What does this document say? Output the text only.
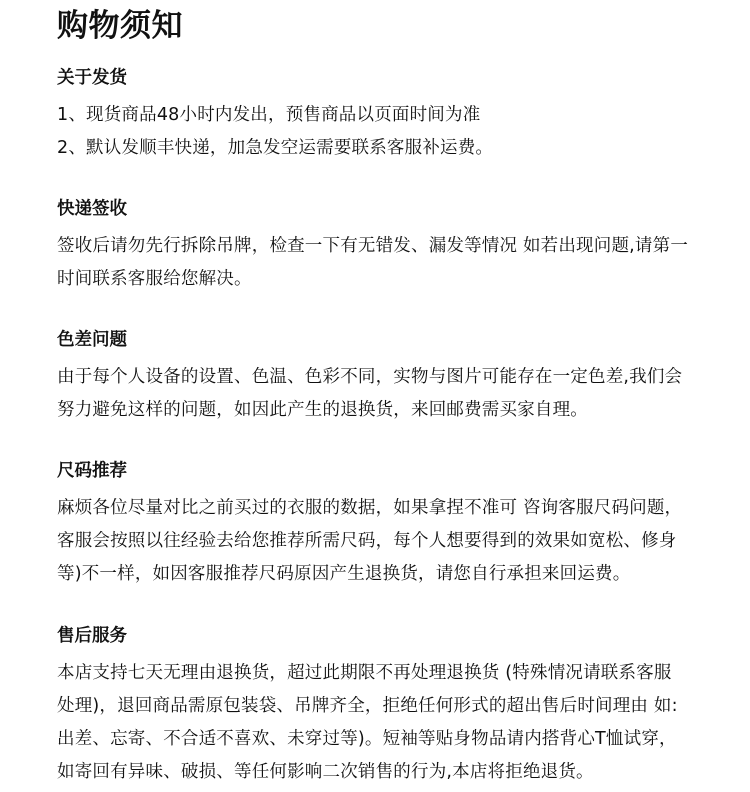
购物须知
关于发货
1、现货商品48小时内发出，预售商品以页面时间为准
2、默认发顺丰快递，加急发空运需要联系客服补运费。
快递签收
签收后请勿先行拆除吊牌，检查一下有无错发、漏发等情况 如若出现问题,请第一
时间联系客服给您解决。
色差问题
由于每个人设备的设置、色温、色彩不同，实物与图片可能存在一定色差,我们会
努力避免这样的问题，如因此产生的退换货，来回邮费需买家自理。
尺码推荐
麻烦各位尽量对比之前买过的衣服的数据，如果拿捏不准可 咨询客服尺码问题，
客服会按照以往经验去给您推荐所需尺码，每个人想要得到的效果如宽松、修身
等)不一样，如因客服推荐尺码原因产生退换货，请您自行承担来回运费。
售后服务
本店支持七天无理由退换货，超过此期限不再处理退换货 (特殊情况请联系客服
处理)，退回商品需原包装袋、吊牌齐全，拒绝任何形式的超出售后时间理由 如:
出差、忘寄、不合适不喜欢、未穿过等)。短袖等贴身物品请内搭背心T恤试穿，
如寄回有异味、破损、等任何影响二次销售的行为,本店将拒绝退货。
